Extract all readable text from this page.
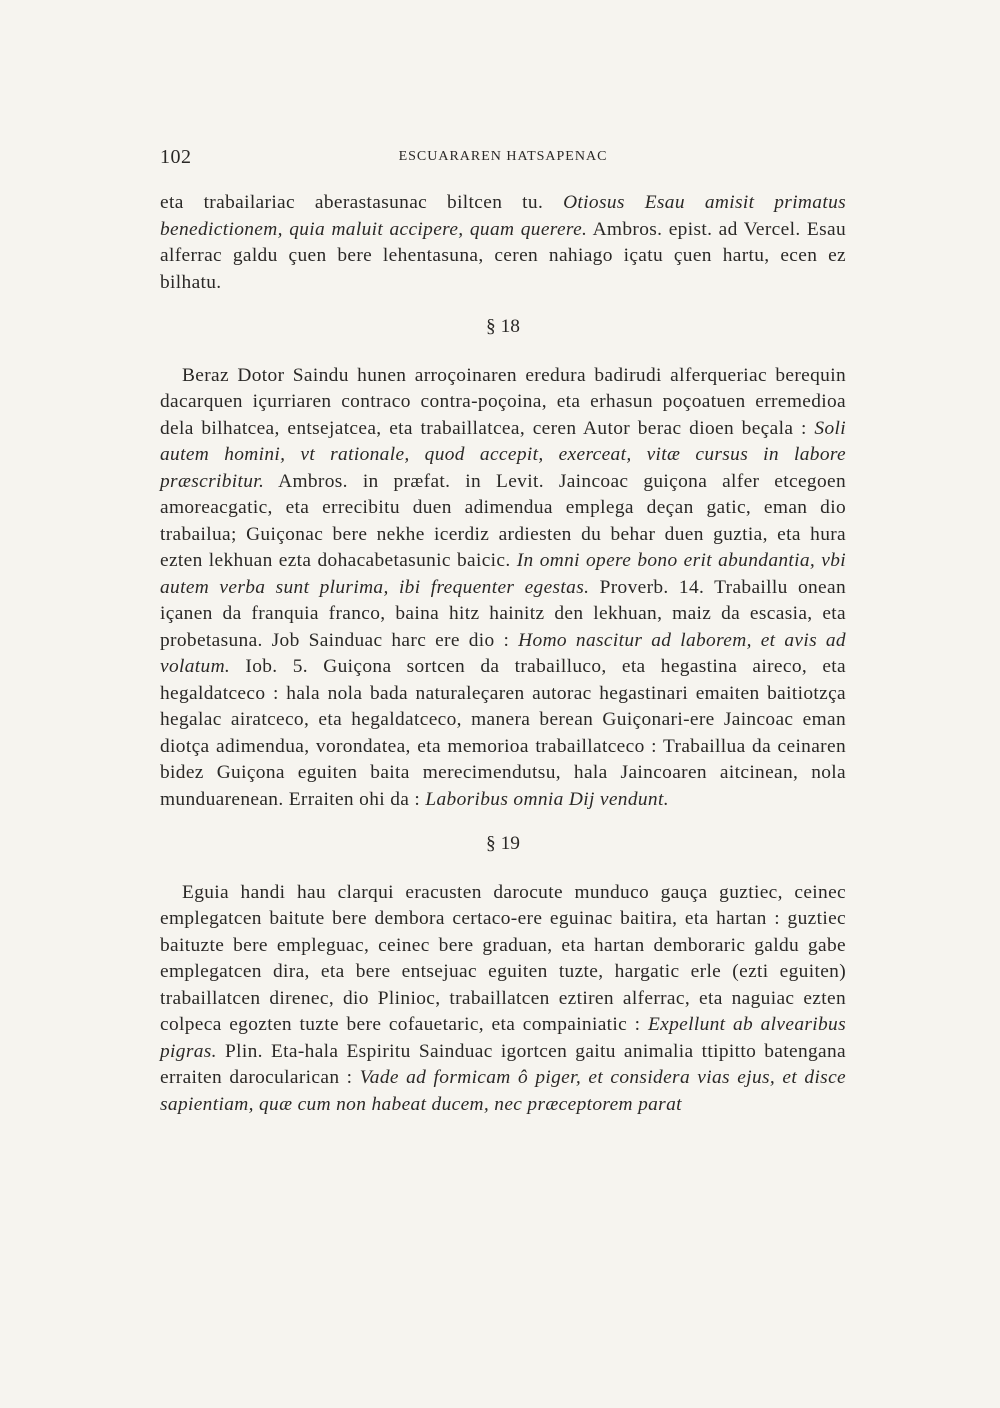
102	ESCUARAREN HATSAPENAC

eta trabailariac aberastasunac biltcen tu. Otiosus Esau amisit primatus benedictionem, quia maluit accipere, quam querere. Ambros. epist. ad Vercel. Esau alferrac galdu çuen bere lehentasuna, ceren nahiago içatu çuen hartu, ecen ez bilhatu.

§ 18

Beraz Dotor Saindu hunen arroçoinaren eredura badirudi alferqueriac berequin dacarquen içurriaren contraco contra-poçoina, eta erhasun poçoatuen erremedioa dela bilhatcea, entsejatcea, eta trabaillatcea, ceren Autor berac dioen beçala : Soli autem homini, vt rationale, quod accepit, exerceat, vitæ cursus in labore præscribitur. Ambros. in præfat. in Levit. Jaincoac guiçona alfer etcegoen amoreacgatic, eta errecibitu duen adimendua emplega deçan gatic, eman dio trabailua; Guiçonac bere nekhe icerdiz ardiesten du behar duen guztia, eta hura ezten lekhuan ezta dohacabetasunic baicic. In omni opere bono erit abundantia, vbi autem verba sunt plurima, ibi frequenter egestas. Proverb. 14. Trabaillu onean içanen da franquia franco, baina hitz hainitz den lekhuan, maiz da escasia, eta probetasuna. Job Sainduac harc ere dio : Homo nascitur ad laborem, et avis ad volatum. Iob. 5. Guiçona sortcen da trabailluco, eta hegastina aireco, eta hegaldatceco : hala nola bada naturaleçaren autorac hegastinari emaiten baitiotzça hegalac airatceco, eta hegaldatceco, manera berean Guiçonari-ere Jaincoac eman diotça adimendua, vorondatea, eta memorioa trabaillatceco : Trabaillua da ceinaren bidez Guiçona eguiten baita merecimendutsu, hala Jaincoaren aitcinean, nola munduarenean. Erraiten ohi da : Laboribus omnia Dij vendunt.

§ 19

Eguia handi hau clarqui eracusten darocute munduco gauça guztiec, ceinec emplegatcen baitute bere dembora certaco-ere eguinac baitira, eta hartan : guztiec baituzte bere empleguac, ceinec bere graduan, eta hartan demboraric galdu gabe emplegatcen dira, eta bere entsejuac eguiten tuzte, hargatic erle (ezti eguiten) trabaillatcen direnec, dio Plinioc, trabaillatcen eztiren alferrac, eta naguiac ezten colpeca egozten tuzte bere cofauetaric, eta compainiatic : Expellunt ab alvearibus pigras. Plin. Eta-hala Espiritu Sainduac igortcen gaitu animalia ttipitto batengana erraiten darocularican : Vade ad formicam ô piger, et considera vias ejus, et disce sapientiam, quæ cum non habeat ducem, nec præceptorem parat
